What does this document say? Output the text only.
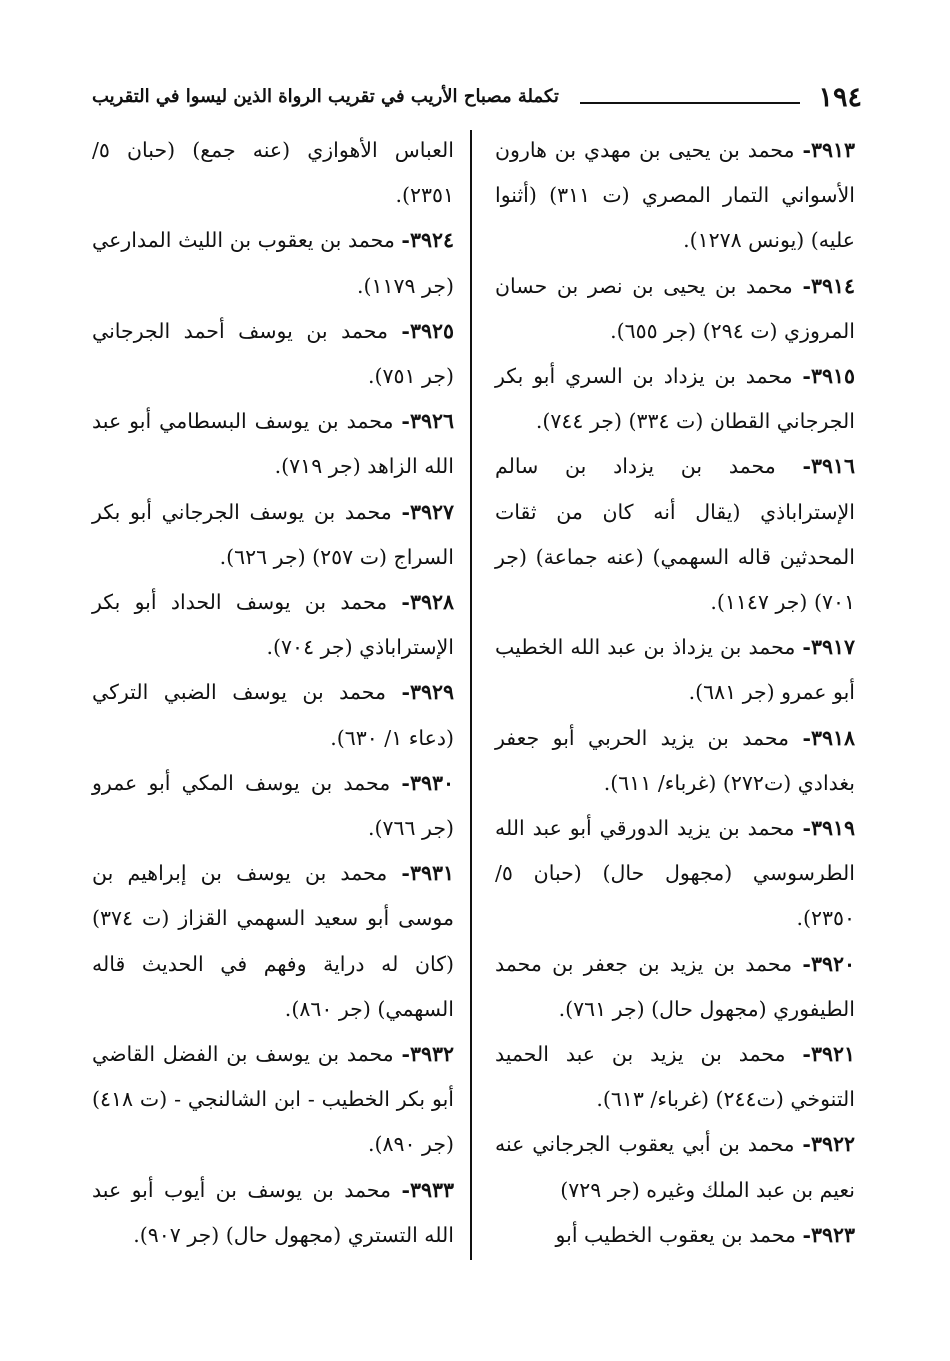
١٩٤
تكملة مصباح الأريب في تقريب الرواة الذين ليسوا في التقريب

٣٩١٣- محمد بن يحيى بن مهدي بن هارون الأسواني التمار المصري (ت ٣١١) (أثنوا عليه) (يونس ١٢٧٨).

٣٩١٤- محمد بن يحيى بن نصر بن حسان المروزي (ت ٢٩٤) (جر ٦٥٥).

٣٩١٥- محمد بن يزداد بن السري أبو بكر الجرجاني القطان (ت ٣٣٤) (جر ٧٤٤).

٣٩١٦- محمد بن يزداد بن سالم الإستراباذي (يقال أنه كان من ثقات المحدثين قاله السهمي) (عنه جماعة) (جر ٧٠١) (جر ١١٤٧).

٣٩١٧- محمد بن يزداذ بن عبد الله الخطيب أبو عمرو (جر ٦٨١).

٣٩١٨- محمد بن يزيد الحربي أبو جعفر بغدادي (ت٢٧٢) (غرباء/ ٦١١).

٣٩١٩- محمد بن يزيد الدورقي أبو عبد الله الطرسوسي (مجهول حال) (حبان ٥/ ٢٣٥٠).

٣٩٢٠- محمد بن يزيد بن جعفر بن محمد الطيفوري (مجهول حال) (جر ٧٦١).

٣٩٢١- محمد بن يزيد بن عبد الحميد التنوخي (ت٢٤٤) (غرباء/ ٦١٣).

٣٩٢٢- محمد بن أبي يعقوب الجرجاني عنه نعيم بن عبد الملك وغيره (جر ٧٢٩)

٣٩٢٣- محمد بن يعقوب الخطيب أبو

العباس الأهوازي (عنه جمع) (حبان ٥/ ٢٣٥١).

٣٩٢٤- محمد بن يعقوب بن الليث المدارعي (جر ١١٧٩).

٣٩٢٥- محمد بن يوسف أحمد الجرجاني (جر ٧٥١).

٣٩٢٦- محمد بن يوسف البسطامي أبو عبد الله الزاهد (جر ٧١٩).

٣٩٢٧- محمد بن يوسف الجرجاني أبو بكر السراج (ت ٢٥٧) (جر ٦٢٦).

٣٩٢٨- محمد بن يوسف الحداد أبو بكر الإستراباذي (جر ٧٠٤).

٣٩٢٩- محمد بن يوسف الضبي التركي (دعاء ١/ ٦٣٠).

٣٩٣٠- محمد بن يوسف المكي أبو عمرو (جر ٧٦٦).

٣٩٣١- محمد بن يوسف بن إبراهيم بن موسى أبو سعيد السهمي القزاز (ت ٣٧٤) (كان له دراية وفهم في الحديث قاله السهمي) (جر ٨٦٠).

٣٩٣٢- محمد بن يوسف بن الفضل القاضي أبو بكر الخطيب - ابن الشالنجي - (ت ٤١٨) (جر ٨٩٠).

٣٩٣٣- محمد بن يوسف بن أيوب أبو عبد الله التستري (مجهول حال) (جر ٩٠٧).
